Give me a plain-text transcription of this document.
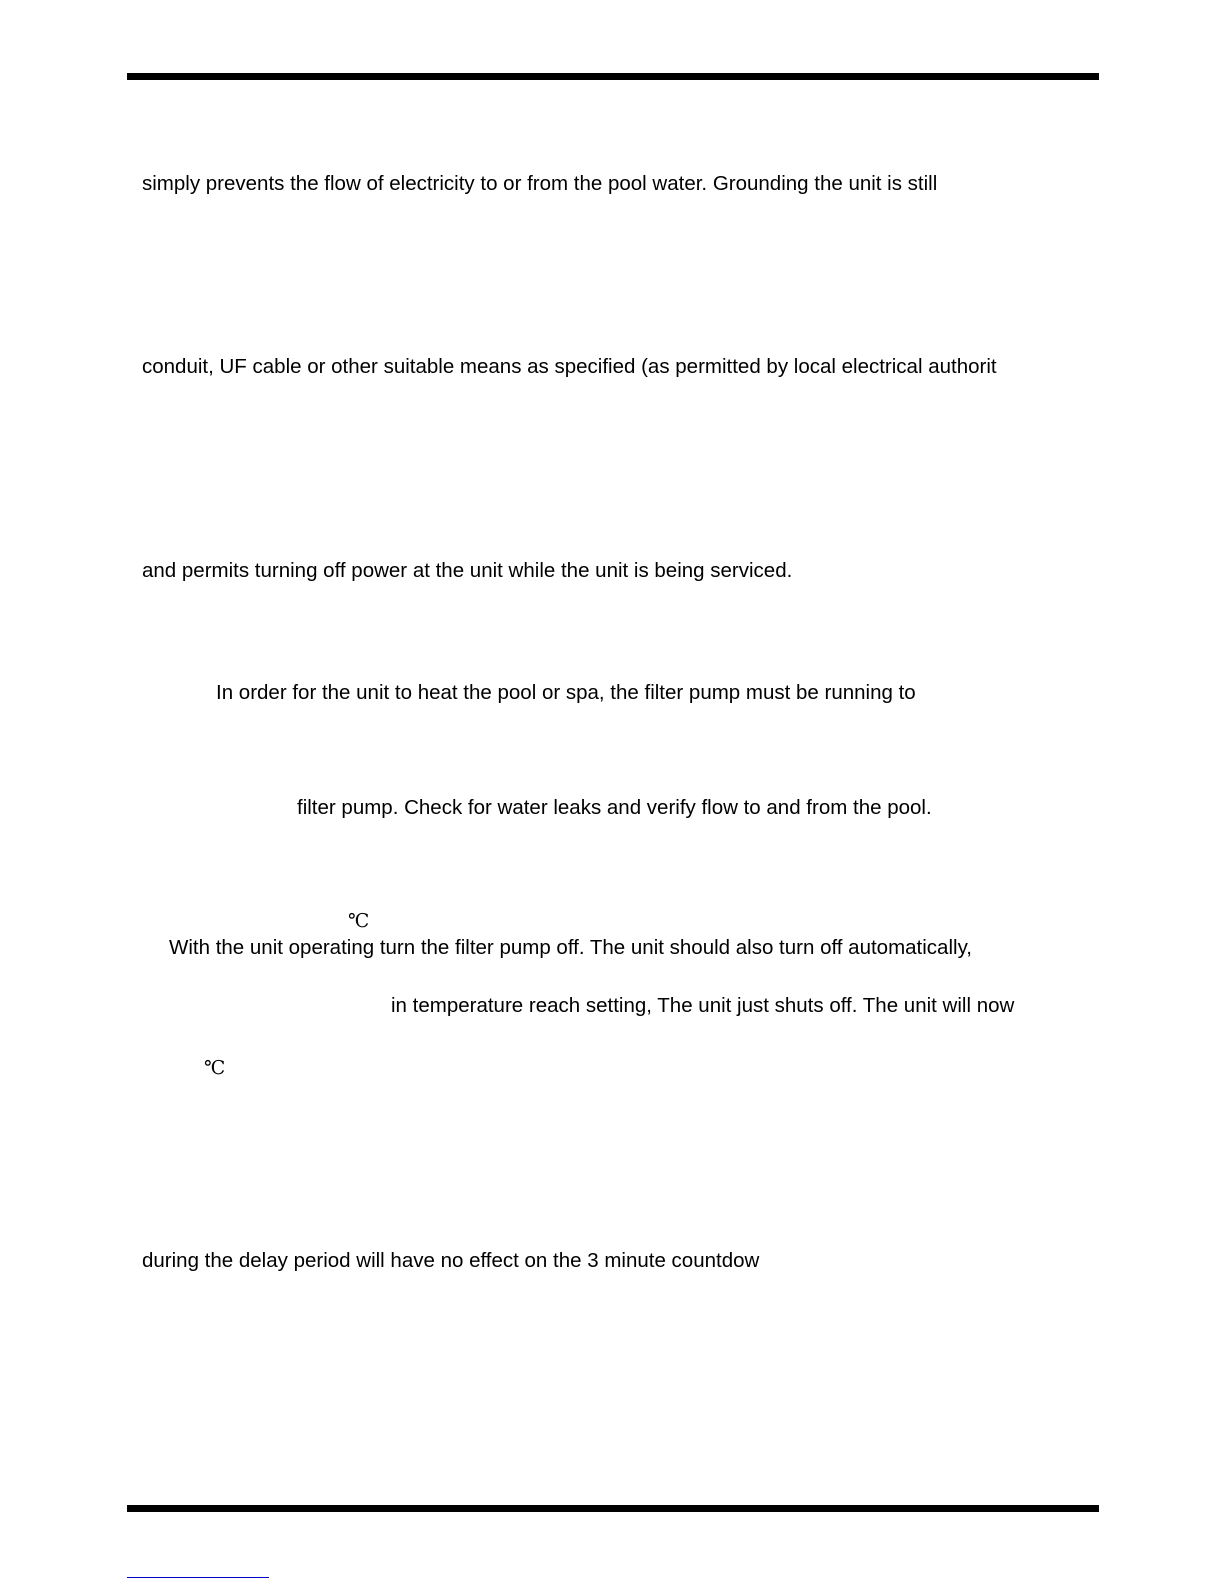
simply prevents the flow of electricity to or from the pool water. Grounding the unit is still
conduit, UF cable or other suitable means as specified (as permitted by local electrical authorit
and permits turning off power at the unit while the unit is being serviced.
In order for the unit to heat the pool or spa, the filter pump must be running to
filter pump. Check for water leaks and verify flow to and from the pool.
℃
With the unit operating turn the filter pump off. The unit should also turn off automatically,
in temperature reach setting, The unit just shuts off. The unit will now
℃
during the delay period will have no effect on the 3 minute countdow
